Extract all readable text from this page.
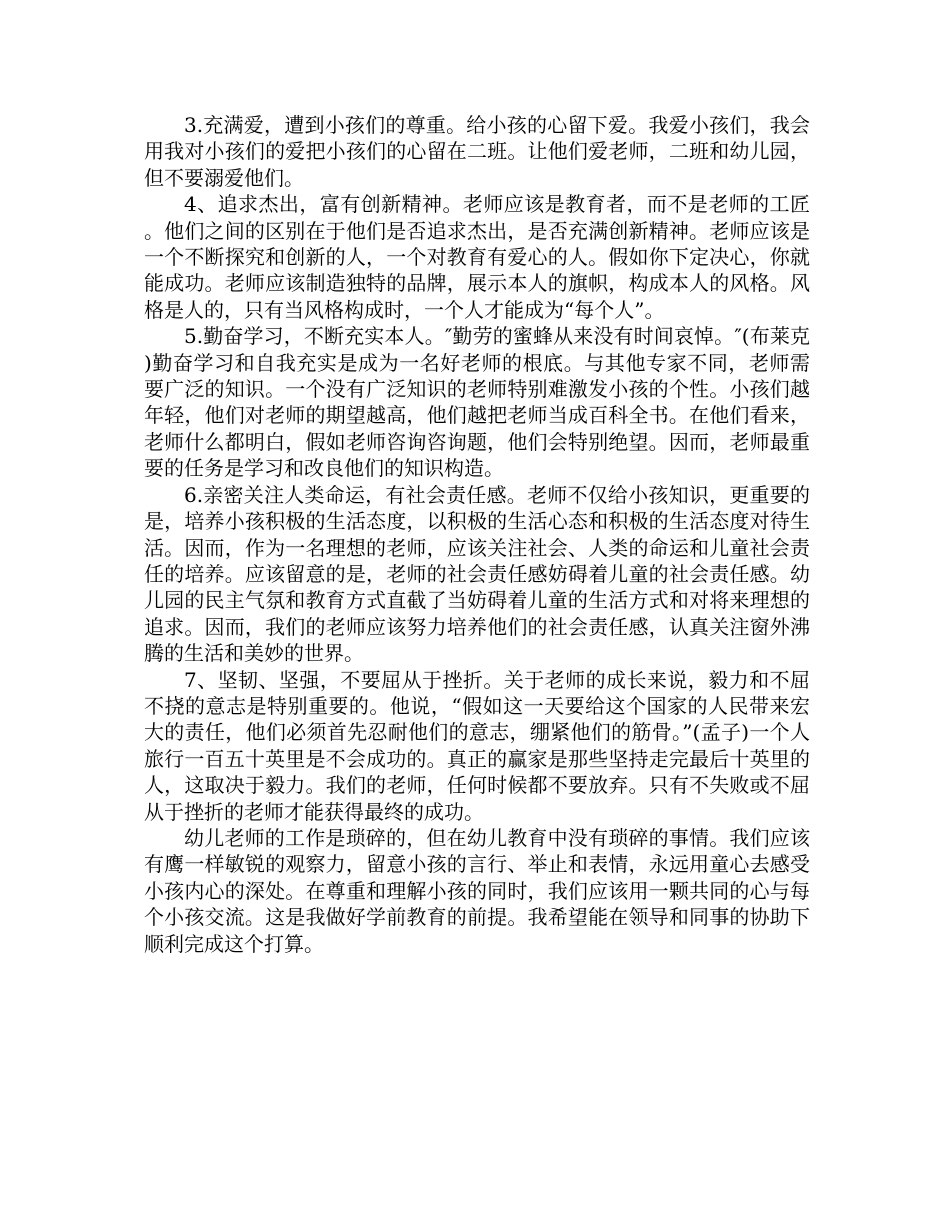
3.充满爱，遭到小孩们的尊重。给小孩的心留下爱。我爱小孩们，我会用我对小孩们的爱把小孩们的心留在二班。让他们爱老师，二班和幼儿园，但不要溺爱他们。

4、追求杰出，富有创新精神。老师应该是教育者，而不是老师的工匠。他们之间的区别在于他们是否追求杰出，是否充满创新精神。老师应该是一个不断探究和创新的人，一个对教育有爱心的人。假如你下定决心，你就能成功。老师应该制造独特的品牌，展示本人的旗帜，构成本人的风格。风格是人的，只有当风格构成时，一个人才能成为“每个人”。

5.勤奋学习，不断充实本人。″勤劳的蜜蜂从来没有时间哀悼。″(布莱克)勤奋学习和自我充实是成为一名好老师的根底。与其他专家不同，老师需要广泛的知识。一个没有广泛知识的老师特别难激发小孩的个性。小孩们越年轻，他们对老师的期望越高，他们越把老师当成百科全书。在他们看来，老师什么都明白，假如老师咨询咨询题，他们会特别绝望。因而，老师最重要的任务是学习和改良他们的知识构造。

6.亲密关注人类命运，有社会责任感。老师不仅给小孩知识，更重要的是，培养小孩积极的生活态度，以积极的生活心态和积极的生活态度对待生活。因而，作为一名理想的老师，应该关注社会、人类的命运和儿童社会责任的培养。应该留意的是，老师的社会责任感妨碍着儿童的社会责任感。幼儿园的民主气氛和教育方式直截了当妨碍着儿童的生活方式和对将来理想的追求。因而，我们的老师应该努力培养他们的社会责任感，认真关注窗外沸腾的生活和美妙的世界。

7、坚韧、坚强，不要屈从于挫折。关于老师的成长来说，毅力和不屈不挠的意志是特别重要的。他说，“假如这一天要给这个国家的人民带来宏大的责任，他们必须首先忍耐他们的意志，绷紧他们的筋骨。”(孟子)一个人旅行一百五十英里是不会成功的。真正的赢家是那些坚持走完最后十英里的人，这取决于毅力。我们的老师，任何时候都不要放弃。只有不失败或不屈从于挫折的老师才能获得最终的成功。

幼儿老师的工作是琐碎的，但在幼儿教育中没有琐碎的事情。我们应该有鹰一样敏锐的观察力，留意小孩的言行、举止和表情，永远用童心去感受小孩内心的深处。在尊重和理解小孩的同时，我们应该用一颗共同的心与每个小孩交流。这是我做好学前教育的前提。我希望能在领导和同事的协助下顺利完成这个打算。
